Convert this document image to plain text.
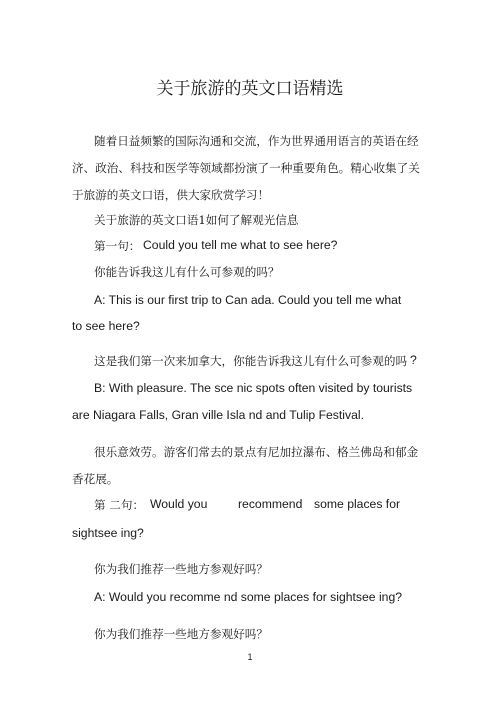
关于旅游的英文口语精选
随着日益频繁的国际沟通和交流，作为世界通用语言的英语在经
济、政治、科技和医学等领域都扮演了一种重要角色。精心收集了关
于旅游的英文口语，供大家欣赏学习！
关于旅游的英文口语1如何了解观光信息
第一句： Could you tell me what to see here?
你能告诉我这儿有什么可参观的吗？
A: This is our first trip to Can ada. Could you tell me what
to see here?
这是我们第一次来加拿大，你能告诉我这儿有什么可参观的吗 ?
B: With pleasure. The sce nic spots often visited by tourists
are Niagara Falls, Gran ville Isla nd and Tulip Festival.
很乐意效劳。游客们常去的景点有尼加拉瀑布、 格兰佛岛和郁金
香花展。
第 二句： Would you	recommend some places for
sightsee ing?
你为我们推荐一些地方参观好吗？
A: Would you recomme nd some places for sightsee ing?
你为我们推荐一些地方参观好吗？
1
